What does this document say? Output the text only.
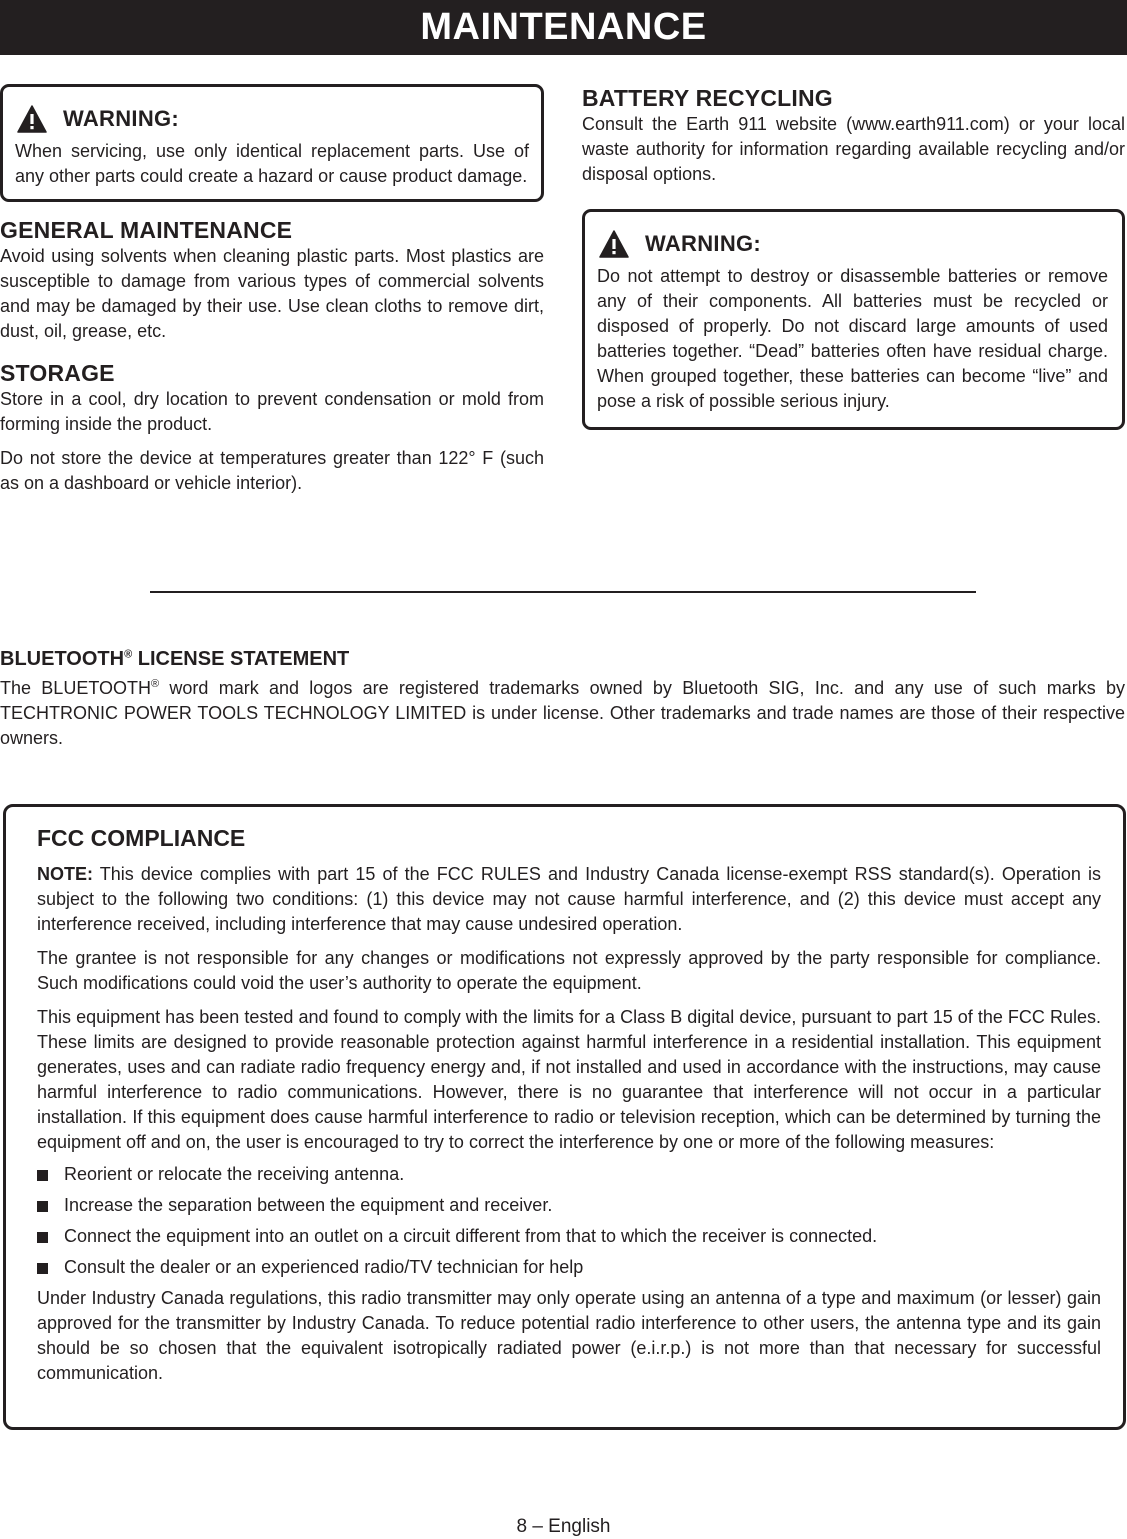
MAINTENANCE
WARNING:

When servicing, use only identical replacement parts. Use of any other parts could create a hazard or cause product damage.

GENERAL MAINTENANCE

Avoid using solvents when cleaning plastic parts. Most plastics are susceptible to damage from various types of commercial solvents and may be damaged by their use. Use clean cloths to remove dirt, dust, oil, grease, etc.

STORAGE

Store in a cool, dry location to prevent condensation or mold from forming inside the product.

Do not store the device at temperatures greater than 122° F (such as on a dashboard or vehicle interior).

BATTERY RECYCLING

Consult the Earth 911 website (www.earth911.com) or your local waste authority for information regarding available recycling and/or disposal options.

WARNING:

Do not attempt to destroy or disassemble batteries or remove any of their components. All batteries must be recycled or disposed of properly. Do not discard large amounts of used batteries together. “Dead” batteries often have residual charge. When grouped together, these batteries can become “live” and pose a risk of possible serious injury.

BLUETOOTH® LICENSE STATEMENT

The BLUETOOTH® word mark and logos are registered trademarks owned by Bluetooth SIG, Inc. and any use of such marks by TECHTRONIC POWER TOOLS TECHNOLOGY LIMITED is under license. Other trademarks and trade names are those of their respective owners.

FCC COMPLIANCE

NOTE: This device complies with part 15 of the FCC RULES and Industry Canada license-exempt RSS standard(s). Operation is subject to the following two conditions: (1) this device may not cause harmful interference, and (2) this device must accept any interference received, including interference that may cause undesired operation.

The grantee is not responsible for any changes or modifications not expressly approved by the party responsible for compliance. Such modifications could void the user’s authority to operate the equipment.

This equipment has been tested and found to comply with the limits for a Class B digital device, pursuant to part 15 of the FCC Rules. These limits are designed to provide reasonable protection against harmful interference in a residential installation. This equipment generates, uses and can radiate radio frequency energy and, if not installed and used in accordance with the instructions, may cause harmful interference to radio communications. However, there is no guarantee that interference will not occur in a particular installation. If this equipment does cause harmful interference to radio or television reception, which can be determined by turning the equipment off and on, the user is encouraged to try to correct the interference by one or more of the following measures:

Reorient or relocate the receiving antenna.
Increase the separation between the equipment and receiver.
Connect the equipment into an outlet on a circuit different from that to which the receiver is connected.
Consult the dealer or an experienced radio/TV technician for help

Under Industry Canada regulations, this radio transmitter may only operate using an antenna of a type and maximum (or lesser) gain approved for the transmitter by Industry Canada. To reduce potential radio interference to other users, the antenna type and its gain should be so chosen that the equivalent isotropically radiated power (e.i.r.p.) is not more than that necessary for successful communication.

8 – English
